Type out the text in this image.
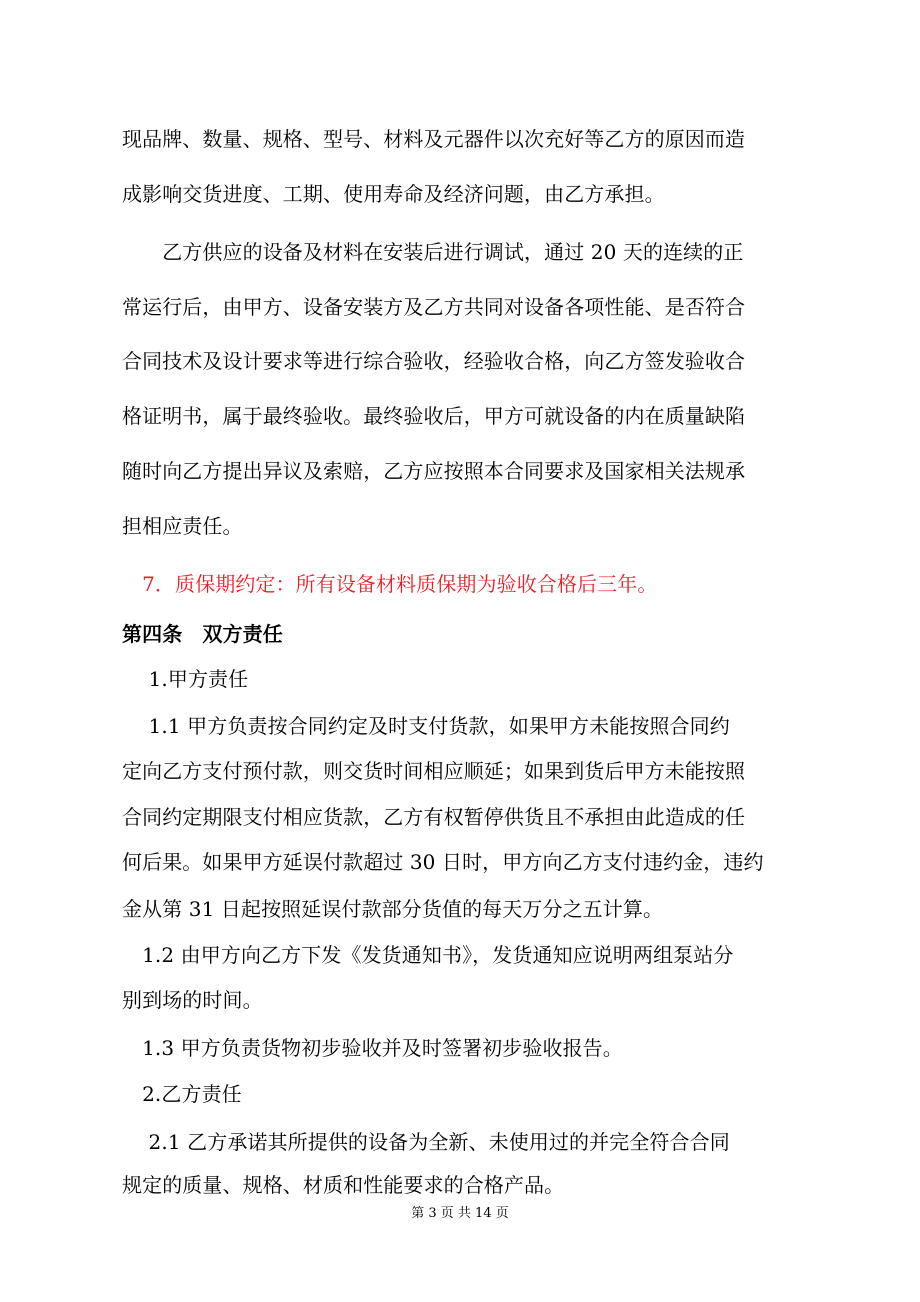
现品牌、数量、规格、型号、材料及元器件以次充好等乙方的原因而造
成影响交货进度、工期、使用寿命及经济问题，由乙方承担。
　　乙方供应的设备及材料在安装后进行调试，通过 20 天的连续的正
常运行后，由甲方、设备安装方及乙方共同对设备各项性能、是否符合
合同技术及设计要求等进行综合验收，经验收合格，向乙方签发验收合
格证明书，属于最终验收。最终验收后，甲方可就设备的内在质量缺陷
随时向乙方提出异议及索赔，乙方应按照本合同要求及国家相关法规承
担相应责任。
　7．质保期约定：所有设备材料质保期为验收合格后三年。
第四条　双方责任
　 1.甲方责任
　 1.1 甲方负责按合同约定及时支付货款，如果甲方未能按照合同约
定向乙方支付预付款，则交货时间相应顺延；如果到货后甲方未能按照
合同约定期限支付相应货款，乙方有权暂停供货且不承担由此造成的任
何后果。如果甲方延误付款超过 30 日时，甲方向乙方支付违约金，违约
金从第 31 日起按照延误付款部分货值的每天万分之五计算。
　1.2 由甲方向乙方下发《发货通知书》，发货通知应说明两组泵站分
别到场的时间。
　1.3 甲方负责货物初步验收并及时签署初步验收报告。
　2.乙方责任
　 2.1 乙方承诺其所提供的设备为全新、未使用过的并完全符合合同
规定的质量、规格、材质和性能要求的合格产品。
第 3 页 共 14 页
